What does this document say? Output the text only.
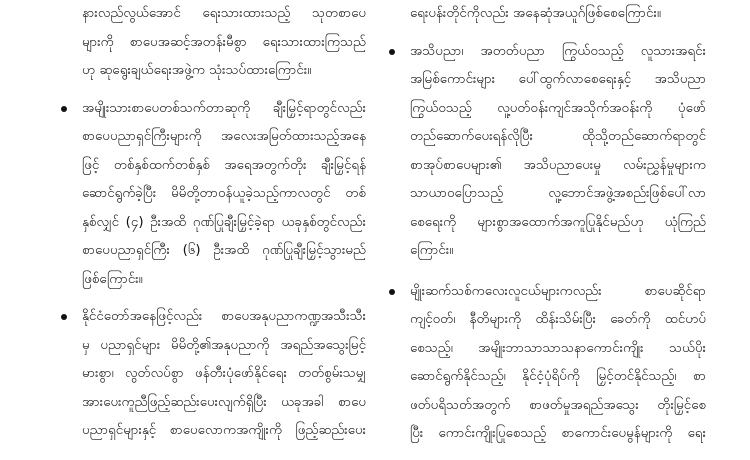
နားလည်လွယ်အောင် ရေးသားထားသည့် သုတစာပေ
များကို စာပေအဆင့်အတန်းမီစွာ ရေးသားထားကြသည်
ဟု ဆုရွေးချယ်ရေးအဖွဲ့က သုံးသပ်ထားကြောင်း။
အမျိုးသားစာပေတစ်သက်တာဆုကို ချီးမြှင့်ရာတွင်လည်း
စာပေပညာရှင်ကြီးများကို အလေးအမြတ်ထားသည့်အနေ
ဖြင့် တစ်နှစ်ထက်တစ်နှစ် အရေအတွက်တိုး ချီးမြှင့်ရန်
ဆောင်ရွက်ခဲ့ပြီး မိမိတို့တာဝန်ယူခဲ့သည့်ကာလတွင် တစ်
နှစ်လျှင် (၄) ဦးအထိ ဂုဏ်ပြုချီးမြှင့်ခဲ့ရာ ယခုနှစ်တွင်လည်း
စာပေပညာရှင်ကြီး (၆) ဦးအထိ ဂုဏ်ပြုချီးမြှင့်သွားမည်
ဖြစ်ကြောင်း။
နိုင်ငံတော်အနေဖြင့်လည်း စာပေအနုပညာကဏ္ဍအသီးသီး
မှ ပညာရှင်များ မိမိတို့၏အနုပညာကို အရည်အသွေးမြင့်
မားစွာ၊ လွတ်လပ်စွာ ဖန်တီးပုံဖော်နိုင်ရေး တတ်စွမ်းသမျှ
အားပေးကူညီဖြည့်ဆည်းပေးလျက်ရှိပြီး ယခုအခါ စာပေ
ပညာရှင်များနှင့် စာပေလောကအကျိုးကို ဖြည့်ဆည်းပေး
ရေးပန်းတိုင်ကိုလည်း အနေဆုံအယူဂ်ဖြစ်စေကြောင်း။
အသိပညာ၊ အတတ်ပညာ ကြွယ်ဝသည့် လူသားအရင်း
အမြစ်ကောင်းများ ပေါ်ထွက်လာစေရေးနှင့် အသိပညာ
ကြွယ်ဝသည့် လူ့ပတ်ဝန်းကျင်အသိုက်အဝန်းကို ပုံဖော်
တည်ဆောက်ပေးရန်လိုပြီး ထိုသို့တည်ဆောက်ရာတွင်
စာအုပ်စာပေများ၏ အသိပညာပေးမှု လမ်းညွှန်မှုများက
သာယာဝပြောသည့် လူ့ဘောင်အဖွဲ့အစည်းဖြစ်ပေါ်လာ
စေရေးကို များစွာအထောက်အကူပြုနိုင်မည်ဟု ယုံကြည်
ကြောင်း။
မျိုးဆက်သစ်ကလေးလူငယ်များကလည်း စာပေဆိုင်ရာ
ကျင့်ဝတ်၊ နီတိများကို ထိန်းသိမ်းပြီး ခေတ်ကို ထင်ဟပ်
စေသည့်၊ အမျိုးဘာသာသာသနာကောင်းကျိုး သယ်ပိုး
ဆောင်ရွက်နိုင်သည့်၊ နိုင်ငံ့ပုံရိပ်ကို မြှင့်တင်နိုင်သည့်၊ စာ
ဖတ်ပရိသတ်အတွက် စာဖတ်မှုအရည်အသွေး တိုးမြှင့်စေ
ပြီး ကောင်းကျိုးပြုစေသည့် စာကောင်းပေမွန်များကို ရေး
